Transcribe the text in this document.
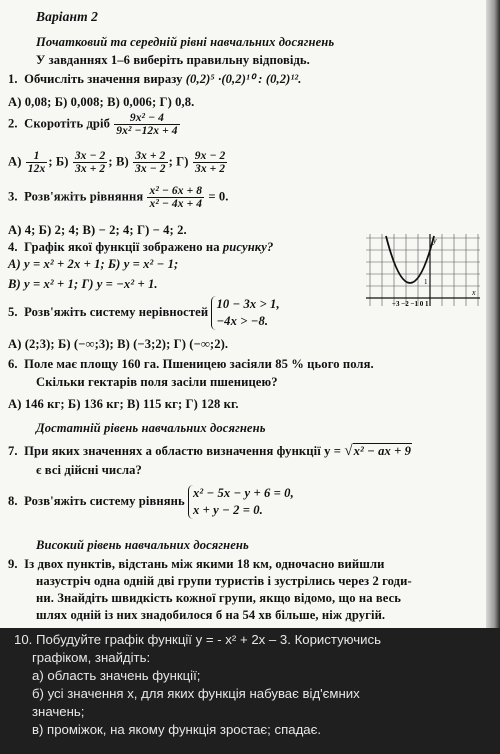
Варіант 2
Початковий та середній рівні навчальних досягнень
У завданнях 1–6 виберіть правильну відповідь.
1. Обчисліть значення виразу (0,2)⁵ ·(0,2)¹⁰ : (0,2)¹².
А) 0,08; Б) 0,008; В) 0,006; Г) 0,8.
2. Скоротіть дріб $\frac{\text{9x² − 4}}{\text{9x² −12x + 4}}$
$А) \frac{1}{12x}$ ; $Б) \frac{3x - 2}{3x + 2}$ ; $В) \frac{3x + 2}{3x - 2}$ ; $Г) \frac{9x - 2}{3x + 2}$
3. Розв'яжіть рівняння $\frac{\text{x² − 6x + 8}}{\text{x² − 4x + 4}} = 0$.
А) 4; Б) 2; 4; В) − 2; 4; Г) − 4; 2.
4. Графік якої функції зображено на рисунку?
А) y = x² + 2x + 1; Б) y = x² − 1;
В) y = x² + 1; Г) y = −x² + 1.
y
x
1
−3 −2 −1 0 1
5. Розв'яжіть систему нерівностей 10 − 3x > 1,
−4x > −8.
А) (2;3); Б) (−∞;3); В) (−3;2); Г) (−∞;2).
6. Поле має площу 160 га. Пшеницею засіяли 85 % цього поля.
Скільки гектарів поля засіли пшеницею?
А) 146 кг; Б) 136 кг; В) 115 кг; Г) 128 кг.
Достатній рівень навчальних досягнень
7. При яких значеннях a областю визначення функції y = √x² − ax + 9
є всі дійсні числа?
8. Розв'яжіть систему рівнянь x² − 5x − y + 6 = 0,
x + y − 2 = 0.
Високий рівень навчальних досягнень
9. Із двох пунктів, відстань між якими 18 км, одночасно вийшли
назустріч одна одній дві групи туристів і зустрілись через 2 годи-
ни. Знайдіть швидкість кожної групи, якщо відомо, що на весь
шлях одній із них знадобилося б на 54 хв більше, ніж другій.
10. Побудуйте графік функції y = - x² + 2x – 3. Користуючись
графіком, знайдіть:
а) область значень функції;
б) усі значення x, для яких функція набуває від'ємних
значень;
в) проміжок, на якому функція зростає; спадає.
